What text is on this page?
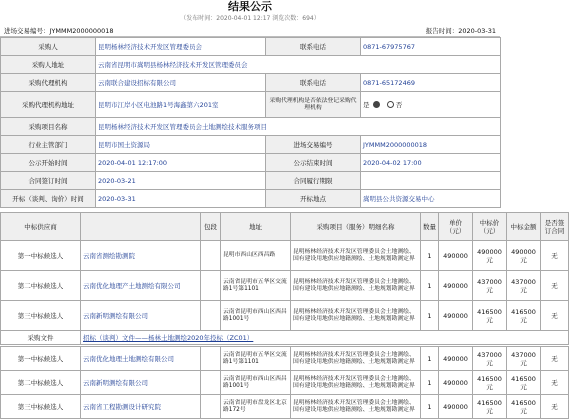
结果公示
（发布时间：2020-04-01 12:17 浏览次数：694）
进场交易编号：JYMMM2000000018	报告时间：2020-03-31
采购人	昆明杨林经济技术开发区管理委员会	联系电话	0871-67975767
采购人地址	云南省昆明市嵩明县杨林经济技术开发区管理委员会		
采购代理机构	云南联合建设招标有限公司	联系电话	0871-65172469
采购代理机构地址	昆明市江岸小区电池路1号海鑫第六201室	采购代理机构是否依法登记采购代理机构	是 否
采购项目名称	昆明杨林经济技术开发区管理委员会土地测绘技术服务项目		
行业主管部门	昆明市国土资源局	进场交易编号	JYMMM2000000018
公示开始时间	2020-04-01 12:17:00	公示结束时间	2020-04-02 17:00
合同签订时间	2020-03-21	合同履行期限	
开标（谈判、询价）时间	2020-03-31	开标地点	嵩明县公共资源交易中心
中标供应商		包段	地址	采购项目（服务）明细名称	数量	单价（元）	中标价（元）	中标金额	是否签订合同
第一中标候选人	云南省测绘勘测院		昆明市西山区西昌路	昆明杨林经济技术开发区管理委员会土地测绘、国有建设用地供应地籍测绘、土地规划勘测定界	1	490000	490000元	490000元	无
第二中标候选人	云南优化地理产土地测绘有限公司		云南省昆明市五华区交流路1号第1101	昆明杨林经济技术开发区管理委员会土地测绘、国有建设用地供应地籍测绘、土地规划勘测定界	1	490000	437000元	437000元	无
第三中标候选人	云南新明测绘有限公司		云南省昆明市西山区西昌路1001号	昆明杨林经济技术开发区管理委员会土地测绘、国有建设用地供应地籍测绘、土地规划勘测定界	1	490000	416500元	416500元	无
采购文件	招标（谈判）文件——杨林土地测绘2020年投标（ZC01）								
第一中标候选人	云南优化地理土地测绘有限公司		云南省昆明市五华区交流路1号第1101	昆明杨林经济技术开发区管理委员会土地测绘、国有建设用地供应地籍测绘、土地规划勘测定界	1	490000	437000元	437000元	无
第二中标候选人	云南新明测绘有限公司		云南省昆明市西山区西昌路1001号	昆明杨林经济技术开发区管理委员会土地测绘、国有建设用地供应地籍测绘、土地规划勘测定界	1	490000	416500元	416500元	无
第三中标候选人	云南省工程勘测设计研究院		云南省昆明市盘龙区北京路172号	昆明杨林经济技术开发区管理委员会土地测绘、国有建设用地供应地籍测绘、土地规划勘测定界	1	490000	416500元	416500元	无
